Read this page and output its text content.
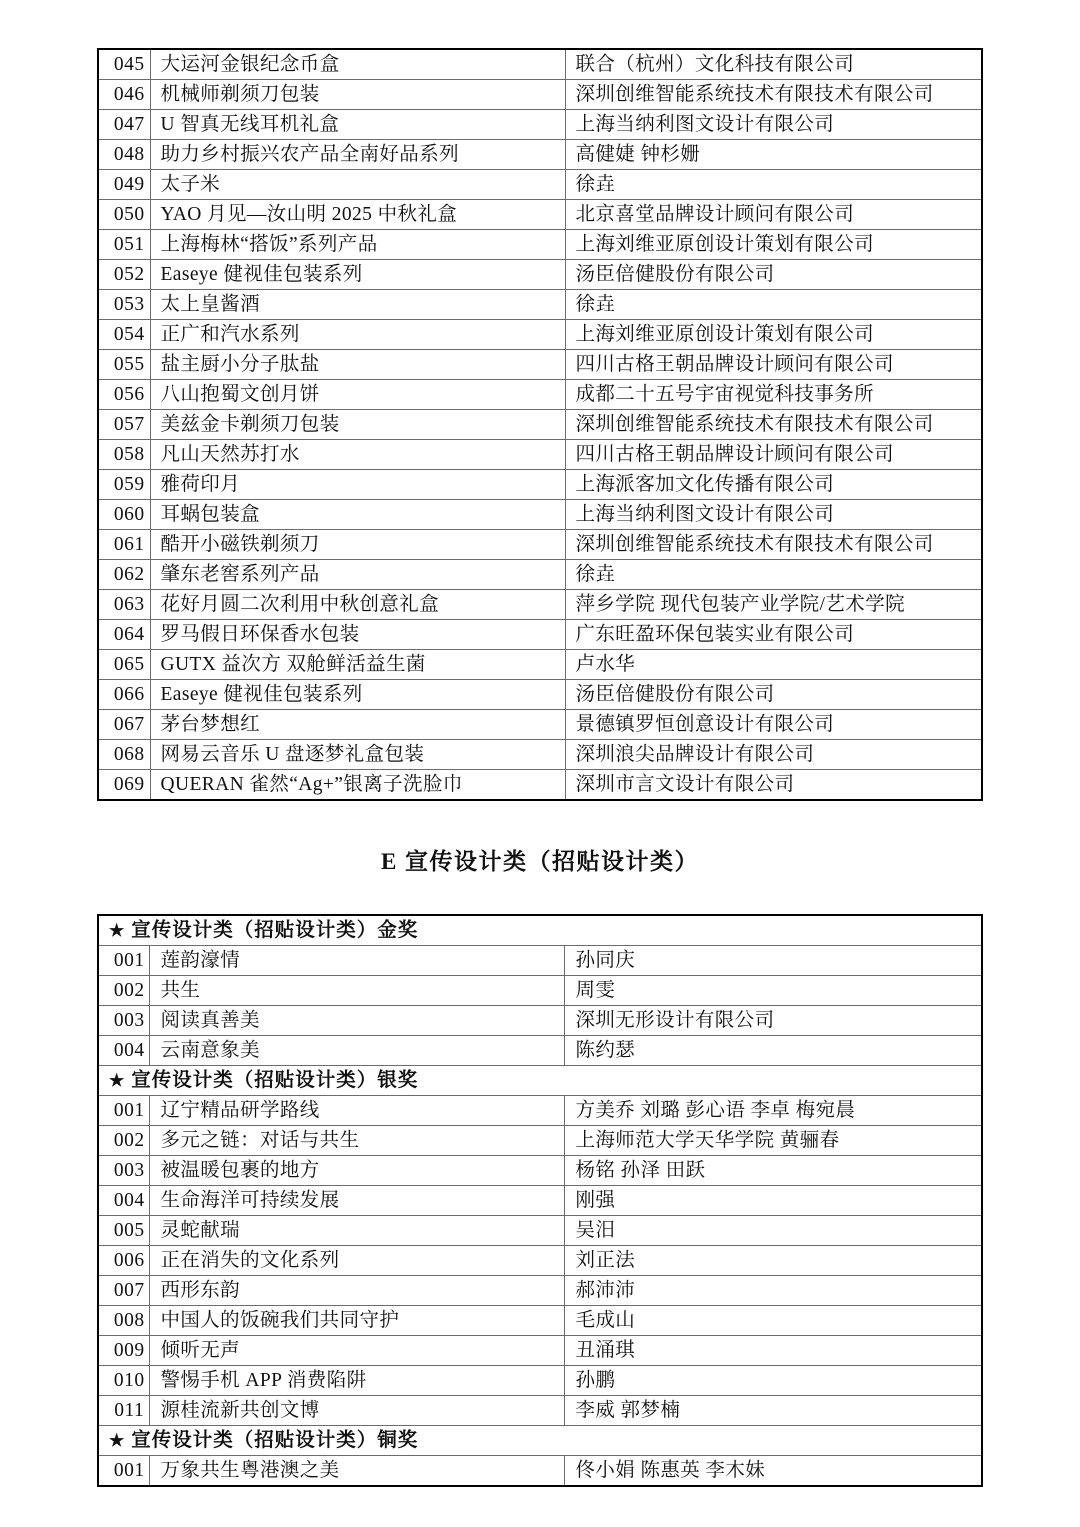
045	大运河金银纪念币盒	联合（杭州）文化科技有限公司
046	机械师剃须刀包装	深圳创维智能系统技术有限技术有限公司
047	U 智真无线耳机礼盒	上海当纳利图文设计有限公司
048	助力乡村振兴农产品全南好品系列	高健婕 钟杉姗
049	太子米	徐垚
050	YAO 月见—汝山明 2025 中秋礼盒	北京喜堂品牌设计顾问有限公司
051	上海梅林“搭饭”系列产品	上海刘维亚原创设计策划有限公司
052	Easeye 健视佳包装系列	汤臣倍健股份有限公司
053	太上皇酱酒	徐垚
054	正广和汽水系列	上海刘维亚原创设计策划有限公司
055	盐主厨小分子肽盐	四川古格王朝品牌设计顾问有限公司
056	八山抱蜀文创月饼	成都二十五号宇宙视觉科技事务所
057	美兹金卡剃须刀包装	深圳创维智能系统技术有限技术有限公司
058	凡山天然苏打水	四川古格王朝品牌设计顾问有限公司
059	雅荷印月	上海派客加文化传播有限公司
060	耳蜗包装盒	上海当纳利图文设计有限公司
061	酷开小磁铁剃须刀	深圳创维智能系统技术有限技术有限公司
062	肇东老窖系列产品	徐垚
063	花好月圆二次利用中秋创意礼盒	萍乡学院 现代包装产业学院/艺术学院
064	罗马假日环保香水包装	广东旺盈环保包装实业有限公司
065	GUTX 益次方 双舱鲜活益生菌	卢水华
066	Easeye 健视佳包装系列	汤臣倍健股份有限公司
067	茅台梦想红	景德镇罗恒创意设计有限公司
068	网易云音乐 U 盘逐梦礼盒包装	深圳浪尖品牌设计有限公司
069	QUERAN 雀然“Ag+”银离子洗脸巾	深圳市言文设计有限公司

E 宣传设计类（招贴设计类）

★ 宣传设计类（招贴设计类）金奖		
001	莲韵濠情	孙同庆
002	共生	周雯
003	阅读真善美	深圳无形设计有限公司
004	云南意象美	陈约瑟
★ 宣传设计类（招贴设计类）银奖		
001	辽宁精品研学路线	方美乔 刘璐 彭心语 李卓 梅宛晨
002	多元之链：对话与共生	上海师范大学天华学院 黄骊春
003	被温暖包裹的地方	杨铭 孙泽 田跃
004	生命海洋可持续发展	刚强
005	灵蛇献瑞	吴汨
006	正在消失的文化系列	刘正法
007	西形东韵	郝沛沛
008	中国人的饭碗我们共同守护	毛成山
009	倾听无声	丑涌琪
010	警惕手机 APP 消费陷阱	孙鹏
011	源桂流新共创文博	李威 郭梦楠
★ 宣传设计类（招贴设计类）铜奖		
001	万象共生粤港澳之美	佟小娟 陈惠英 李木妹
